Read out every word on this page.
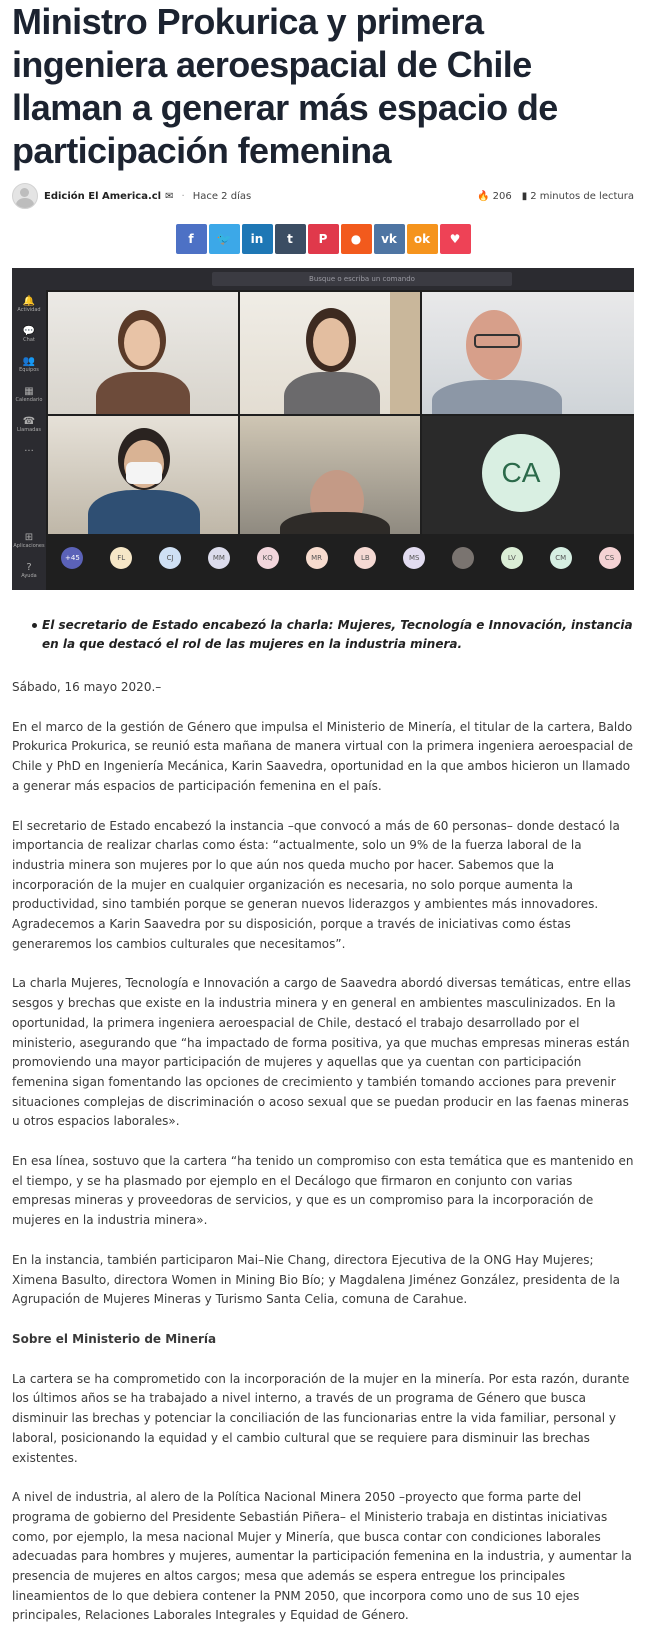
Ministro Prokurica y primera ingeniera aeroespacial de Chile llaman a generar más espacio de participación femenina
Edición El America.cl ✉ · Hace 2 días	🔥 206 ▮ 2 minutos de lectura
f 🐦 in t P ● vk ok ♥
Busque o escriba un comando
🔔
Actividad
💬
Chat
👥
Equipos
▦
Calendario
☎
Llamadas
···
⊞
Aplicaciones
?
Ayuda
CA
+45	FL	CJ	MM	KQ	MR	LB	MS	LV	CM	CS
El secretario de Estado encabezó la charla: Mujeres, Tecnología e Innovación, instancia en la que destacó el rol de las mujeres en la industria minera.

Sábado, 16 mayo 2020.–

En el marco de la gestión de Género que impulsa el Ministerio de Minería, el titular de la cartera, Baldo Prokurica Prokurica, se reunió esta mañana de manera virtual con la primera ingeniera aeroespacial de Chile y PhD en Ingeniería Mecánica, Karin Saavedra, oportunidad en la que ambos hicieron un llamado a generar más espacios de participación femenina en el país.

El secretario de Estado encabezó la instancia –que convocó a más de 60 personas– donde destacó la importancia de realizar charlas como ésta: “actualmente, solo un 9% de la fuerza laboral de la industria minera son mujeres por lo que aún nos queda mucho por hacer. Sabemos que la incorporación de la mujer en cualquier organización es necesaria, no solo porque aumenta la productividad, sino también porque se generan nuevos liderazgos y ambientes más innovadores. Agradecemos a Karin Saavedra por su disposición, porque a través de iniciativas como éstas generaremos los cambios culturales que necesitamos”.

La charla Mujeres, Tecnología e Innovación a cargo de Saavedra abordó diversas temáticas, entre ellas sesgos y brechas que existe en la industria minera y en general en ambientes masculinizados. En la oportunidad, la primera ingeniera aeroespacial de Chile, destacó el trabajo desarrollado por el ministerio, asegurando que “ha impactado de forma positiva, ya que muchas empresas mineras están promoviendo una mayor participación de mujeres y aquellas que ya cuentan con participación femenina sigan fomentando las opciones de crecimiento y también tomando acciones para prevenir situaciones complejas de discriminación o acoso sexual que se puedan producir en las faenas mineras u otros espacios laborales».

En esa línea, sostuvo que la cartera “ha tenido un compromiso con esta temática que es mantenido en el tiempo, y se ha plasmado por ejemplo en el Decálogo que firmaron en conjunto con varias empresas mineras y proveedoras de servicios, y que es un compromiso para la incorporación de mujeres en la industria minera».

En la instancia, también participaron Mai–Nie Chang, directora Ejecutiva de la ONG Hay Mujeres; Ximena Basulto, directora Women in Mining Bio Bío; y Magdalena Jiménez González, presidenta de la Agrupación de Mujeres Mineras y Turismo Santa Celia, comuna de Carahue.

Sobre el Ministerio de Minería

La cartera se ha comprometido con la incorporación de la mujer en la minería. Por esta razón, durante los últimos años se ha trabajado a nivel interno, a través de un programa de Género que busca disminuir las brechas y potenciar la conciliación de las funcionarias entre la vida familiar, personal y laboral, posicionando la equidad y el cambio cultural que se requiere para disminuir las brechas existentes.

A nivel de industria, al alero de la Política Nacional Minera 2050 –proyecto que forma parte del programa de gobierno del Presidente Sebastián Piñera– el Ministerio trabaja en distintas iniciativas como, por ejemplo, la mesa nacional Mujer y Minería, que busca contar con condiciones laborales adecuadas para hombres y mujeres, aumentar la participación femenina en la industria, y aumentar la presencia de mujeres en altos cargos; mesa que además se espera entregue los principales lineamientos de lo que debiera contener la PNM 2050, que incorpora como uno de sus 10 ejes principales, Relaciones Laborales Integrales y Equidad de Género.
